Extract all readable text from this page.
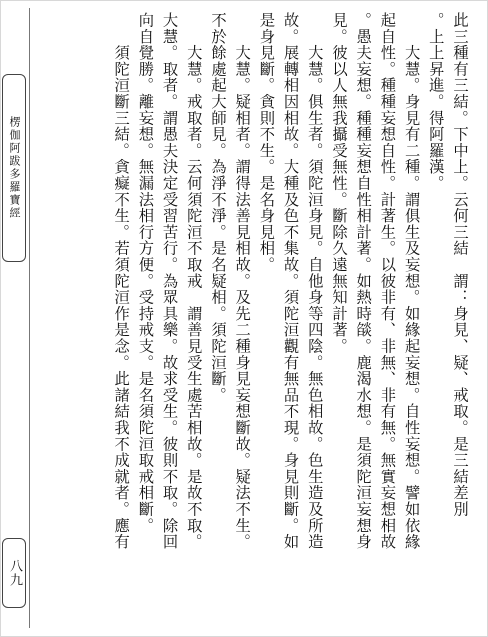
楞伽阿跋多羅寶經
八九
此三種有三結。下中上。云何三結　謂：身見、疑、戒取。是三結差別
。上上昇進。得阿羅漢。
　　大慧。身見有二種。謂俱生及妄想。如緣起妄想。自性妄想。譬如依緣
起自性。種種妄想自性。計著生。以彼非有、非無、非有無。無實妄想相故
。愚夫妄想。種種妄想自性相計著。如熱時燄。鹿渴水想。是須陀洹妄想身
見。彼以人無我攝受無性。斷除久遠無知計著。
　　大慧。俱生者。須陀洹身見。自他身等四陰。無色相故。色生造及所造
故。展轉相因相故。大種及色不集故。須陀洹觀有無品不現。身見則斷。如
是身見斷。貪則不生。是名身見相。
　　大慧。疑相者。謂得法善見相故。及先二種身見妄想斷故。疑法不生。
不於餘處起大師見。為淨不淨。是名疑相。須陀洹斷。
　　大慧。戒取者。云何須陀洹不取戒　謂善見受生處苦相故。是故不取。
大慧。取者。謂愚夫決定受習苦行。為眾具樂。故求受生。彼則不取。除回
向自覺勝。離妄想。無漏法相行方便。受持戒支。是名須陀洹取戒相斷。
　　須陀洹斷三結。貪癡不生。若須陀洹作是念。此諸結我不成就者。應有
